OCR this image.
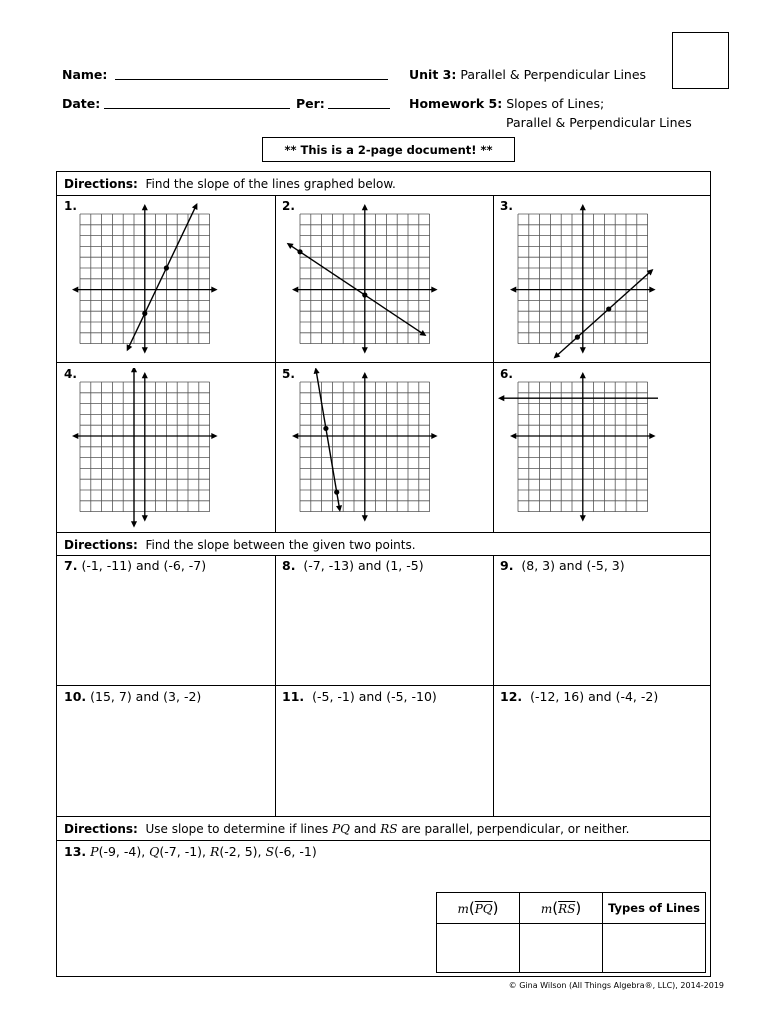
Name:
Date:	Per:
Unit 3: Parallel & Perpendicular Lines
Homework 5: Slopes of Lines;
Parallel & Perpendicular Lines
** This is a 2-page document! **
Directions: Find the slope of the lines graphed below.
1.	2.	3.
4.	5.	6.
Directions: Find the slope between the given two points.
7. (-1, -11) and (-6, -7)	8. (-7, -13) and (1, -5)	9. (8, 3) and (-5, 3)
10. (15, 7) and (3, -2)	11. (-5, -1) and (-5, -10)	12. (-12, 16) and (-4, -2)
Directions: Use slope to determine if lines PQ and RS are parallel, perpendicular, or neither.
13. P(-9, -4), Q(-7, -1), R(-2, 5), S(-6, -1)
$m(\overline{PQ})$	$m(\overline{RS})$	Types of Lines

© Gina Wilson (All Things Algebra®, LLC), 2014-2019
